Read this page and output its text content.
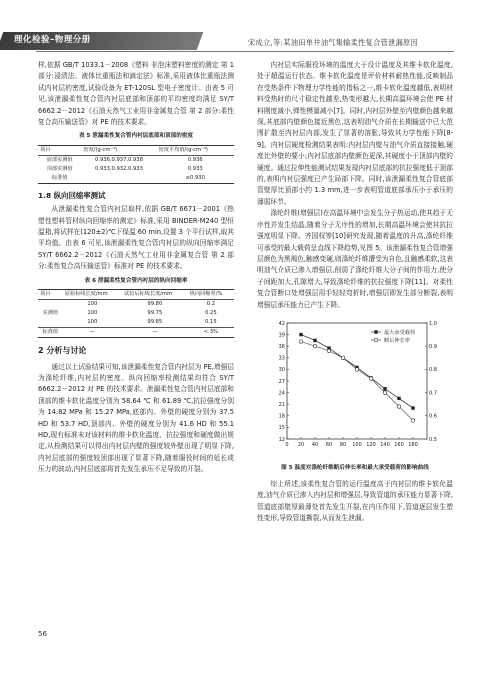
理化检验–物理分册	宋成立,等:某油田单井油气集输柔性复合管泄漏原因

样,依据 GB/T 1033.1－2008《塑料 非泡沫塑料密度的测定 第 1 部分:浸渍法、液体比重瓶法和滴定法》标准,采用液体比重瓶法测试内衬层的密度,试验设备为 ET-120SL 型电子密度计。由表 5 可见,该泄漏柔性复合管内衬层底部和顶部的平均密度均满足 SY/T 6662.2－2012《石油天然气工业用非金属复合管 第 2 部分:柔性复合高压输送管》对 PE 的技术要求。

表 5 泄漏柔性复合管内衬层底部和顶部的密度
项目	密度/(g·cm⁻³)	密度平均值/(g·cm⁻³)
底部实测值	0.936,0.937,0.938	0.936
顶部实测值	0.933,0.932,0.933	0.933
标准值		≥0.930
1.8 纵向回缩率测试

从泄漏柔性复合管内衬层取样,依据 GB/T 6671－2001《热塑性塑料管材纵向回缩率的测定》标准,采用 BINDER-M240 型恒温箱,将试样在(120±2)℃下保温 60 min,设置 3 个平行试样,取其平均值。由表 6 可见,该泄漏柔性复合管内衬层的纵向回缩率满足 SY/T 6662.2－2012《石油天然气工业用非金属复合管 第 2 部分:柔性复合高压输送管》标准对 PE 的技术要求。

表 6 泄漏柔性复合管内衬层的纵向回缩率
项目	原始标线长度/mm	试验后标线长度/mm	纵向回缩率/%
实测值	100	99.80	0.2
	100	99.75	0.25
	100	99.85	0.15
标准值	—	—	< 3%
2 分析与讨论

通过以上试验结果可知,该泄漏柔性复合管内衬层为 PE,增强层为涤纶纤维,内衬层的密度、纵向回缩率检测结果均符合 SY/T 6662.2－2012 对 PE 的技术要求。泄漏柔性复合管内衬层底部和顶部的维卡软化温度分别为 58.64 ℃ 和 61.89 ℃,抗拉强度分别为 14.82 MPa 和 15.27 MPa,底部内、外壁的硬度分别为 37.5 HD 和 53.7 HD,顶部内、外壁的硬度分别为 41.6 HD 和 55.1 HD,现有标准未对该材料的维卡软化温度、抗拉强度和硬度做出规定,从检测结果可以得出内衬层内壁的强度较外壁出现了明显下降,内衬层底部的强度较顶部出现了显著下降,随着服役时间的延长或压力的波动,内衬层底部将首先发生承压不足导致的开裂。

内衬层实际服役环境的温度大于设计温度及其维卡软化温度,处于超温运行状态。维卡软化温度是评价材料耐热性能,反映制品在受热条件下物理力学性能的指标之一,维卡软化温度越低,表明材料受热时的尺寸稳定性越差,热变形越大,长期高温环境会使 PE 材料刚度减小,弹性模量减小[7]。同时,内衬层外壁至内壁颜色越来越深,其底部内壁颜色接近黑色,这表明油气介质在长期输送中已大范围扩散至内衬层内部,发生了显著的溶胀,导致其力学性能下降[8-9]。内衬层硬度检测结果表明:内衬层内壁与油气介质直接接触,硬度比外壁的要小;内衬层底部内壁颜色更深,其硬度小于顶部内壁的硬度。通过拉伸性能测试结果发现内衬层底部的抗拉强度低于顶部的,表明内衬层强度已产生局部下降。同时,该泄漏柔性复合管底部管壁厚比顶部小约 1.3 mm,进一步表明管道底部承压小于承压的薄弱环节。

涤纶纤维(增强层)在高温环境中会发生分子热运动,使其趋于无序性并发生结晶,随着分子无序性的增加,长期高温环境会使其抗拉强度明显下降。齐国权等[10]研究发现,随着温度的升高,涤纶纤维可承受的最大载荷呈直线下降趋势,见图 5。该泄漏柔性复合管增强层颜色为黑褐色,触感变硬,则涤纶纤维遭受为自色,且触感柔软,这表明油气介质已渗入增强层,削弱了涤纶纤维大分子间的作用力,使分子间距加大,孔隙增大,导致涤纶纤维的抗拉强度下降[11]。对柔性复合管断口处增强层用手轻轻弯折时,增强层即发生部分断裂,表明增强层承压能力已产生下降。

0 20 40 60 80 100 120 140 160 180
12
15
18
21
24
27
30
33
36
39
42
0.5
0.6
0.7
0.8
0.9
1.0
最大承受载荷
断后伸长率
图 5 温度对涤纶纤维断后伸长率和最大承受载荷的影响曲线

综上所述,该柔性复合管的运行温度高于内衬层的维卡软化温度,油气介质已渗入内衬层和增强层,导致管道的承压能力显著下降,管道底部壁厚最薄处首先发生开裂,在内压作用下,管道逐层发生塑性变形,导致管道撕裂,从而发生泄漏。

56
